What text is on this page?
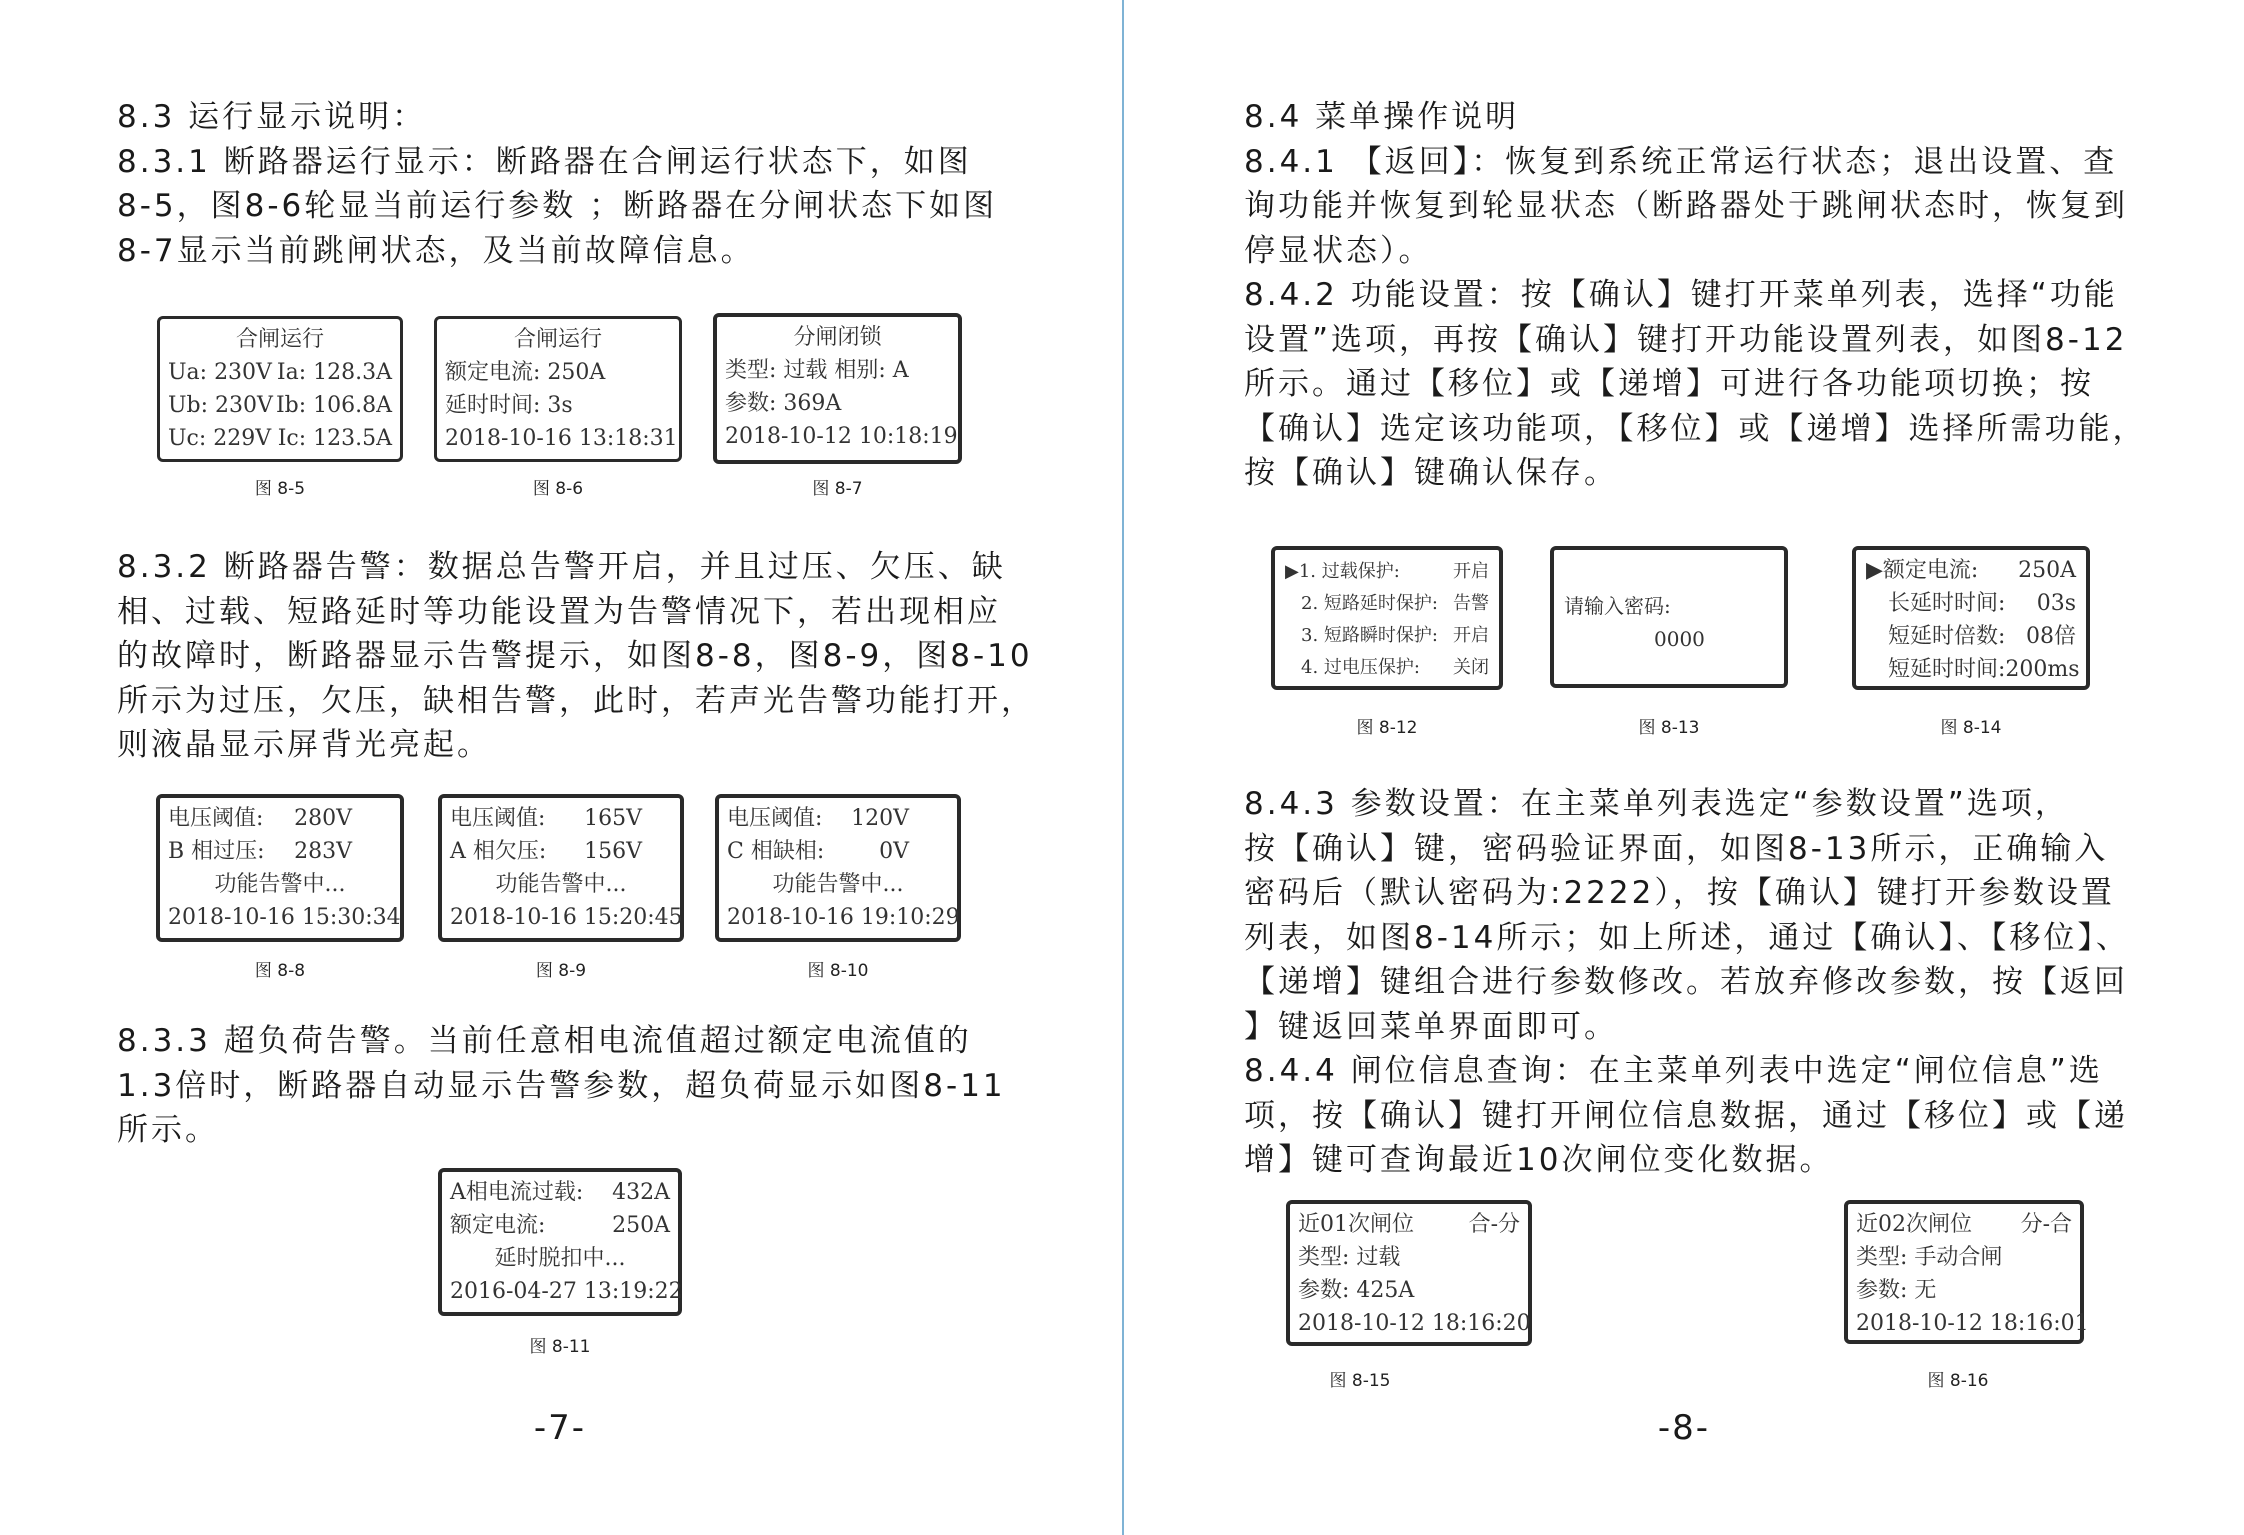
8.3 运行显示说明：
8.3.1 断路器运行显示：断路器在合闸运行状态下，如图
8-5，图8-6轮显当前运行参数 ；断路器在分闸状态下如图
8-7显示当前跳闸状态，及当前故障信息。
合闸运行
Ua: 230V Ia: 128.3A
Ub: 230V Ib: 106.8A
Uc: 229V Ic: 123.5A
图 8-5
合闸运行
额定电流: 250A
延时时间: 3s
2018-10-16 13:18:31
图 8-6
分闸闭锁
类型: 过载 相别: A
参数: 369A
2018-10-12 10:18:19
图 8-7
8.3.2 断路器告警：数据总告警开启，并且过压、欠压、缺
相、过载、短路延时等功能设置为告警情况下，若出现相应
的故障时，断路器显示告警提示，如图8-8，图8-9，图8-10
所示为过压，欠压，缺相告警，此时，若声光告警功能打开，
则液晶显示屏背光亮起。
电压阈值: 280V
B 相过压: 283V
功能告警中...
2018-10-16 15:30:34
图 8-8
电压阈值: 165V
A 相欠压: 156V
功能告警中...
2018-10-16 15:20:45
图 8-9
电压阈值: 120V
C 相缺相: 0V
功能告警中...
2018-10-16 19:10:29
图 8-10
8.3.3 超负荷告警。当前任意相电流值超过额定电流值的
1.3倍时，断路器自动显示告警参数，超负荷显示如图8-11
所示。
A相电流过载: 432A
额定电流:	250A
延时脱扣中...
2016-04-27 13:19:22
图 8-11
-7-
8.4 菜单操作说明
8.4.1 【返回】：恢复到系统正常运行状态；退出设置、查
询功能并恢复到轮显状态（断路器处于跳闸状态时，恢复到
停显状态）。
8.4.2 功能设置：按【确认】键打开菜单列表，选择“功能
设置”选项，再按【确认】键打开功能设置列表，如图8-12
所示。通过【移位】或【递增】可进行各功能项切换；按
【确认】选定该功能项，【移位】或【递增】选择所需功能，
按【确认】键确认保存。
▶1. 过载保护:	开启
2. 短路延时保护: 告警
3. 短路瞬时保护: 开启
4. 过电压保护: 关闭
图 8-12
请输入密码:
0000
图 8-13
▶额定电流: 250A
长延时时间: 03s
短延时倍数: 08倍
短延时时间: 200ms
图 8-14
8.4.3 参数设置：在主菜单列表选定“参数设置”选项，
按【确认】键，密码验证界面，如图8-13所示，正确输入
密码后（默认密码为:2222），按【确认】键打开参数设置
列表，如图8-14所示；如上所述，通过【确认】、【移位】、
【递增】键组合进行参数修改。若放弃修改参数，按【返回
】键返回菜单界面即可。
8.4.4 闸位信息查询：在主菜单列表中选定“闸位信息”选
项，按【确认】键打开闸位信息数据，通过【移位】或【递
增】键可查询最近10次闸位变化数据。
近01次闸位 合-分
类型: 过载
参数: 425A
2018-10-12 18:16:20
图 8-15
近02次闸位 分-合
类型: 手动合闸
参数: 无
2018-10-12 18:16:01
图 8-16
-8-
